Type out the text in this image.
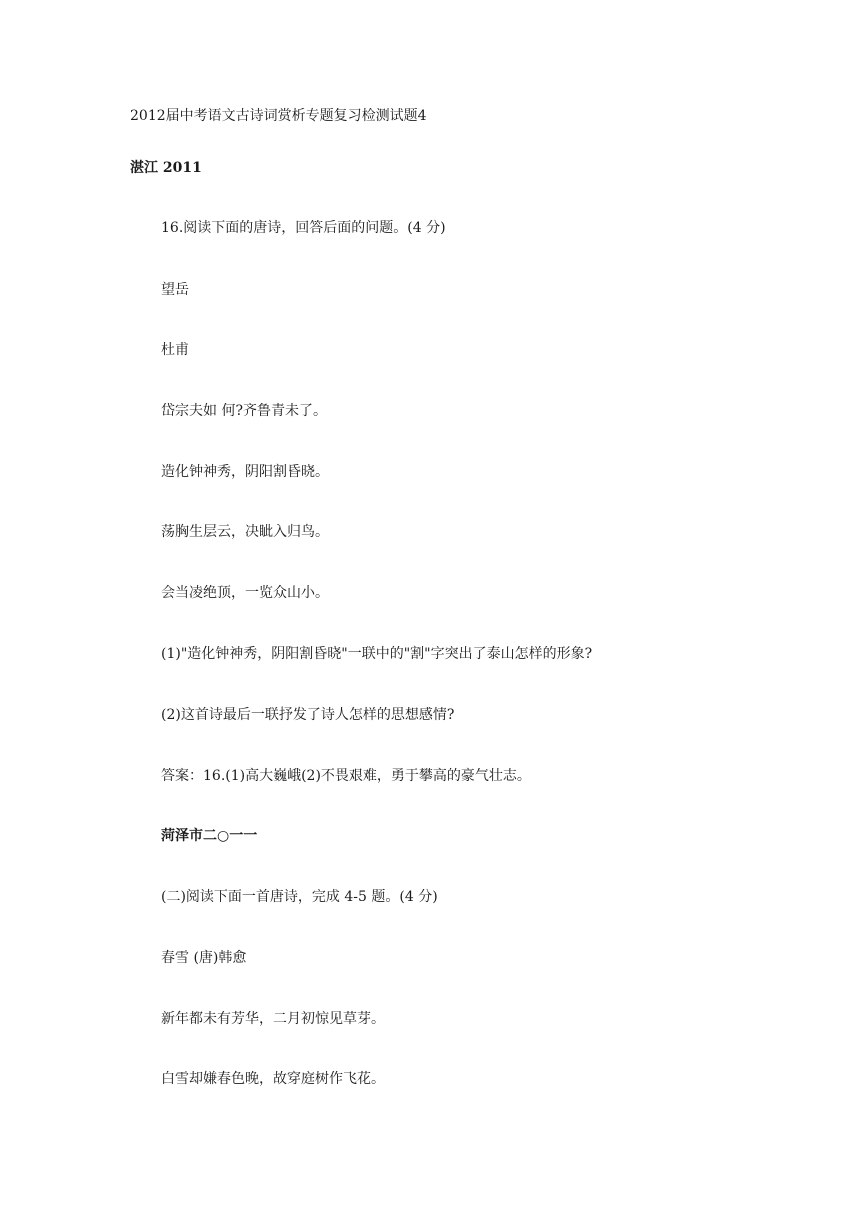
2012届中考语文古诗词赏析专题复习检测试题4
湛江 2011
16.阅读下面的唐诗，回答后面的问题。(4 分)
望岳
杜甫
岱宗夫如 何?齐鲁青未了。
造化钟神秀，阴阳割昏晓。
荡胸生层云，决眦入归鸟。
会当凌绝顶，一览众山小。
(1)"造化钟神秀，阴阳割昏晓"一联中的"割"字突出了泰山怎样的形象?
(2)这首诗最后一联抒发了诗人怎样的思想感情?
答案：16.(1)高大巍峨(2)不畏艰难，勇于攀高的豪气壮志。
菏泽市二○一一
(二)阅读下面一首唐诗，完成 4-5 题。(4 分)
春雪 (唐)韩愈
新年都未有芳华，二月初惊见草芽。
白雪却嫌春色晚，故穿庭树作飞花。
